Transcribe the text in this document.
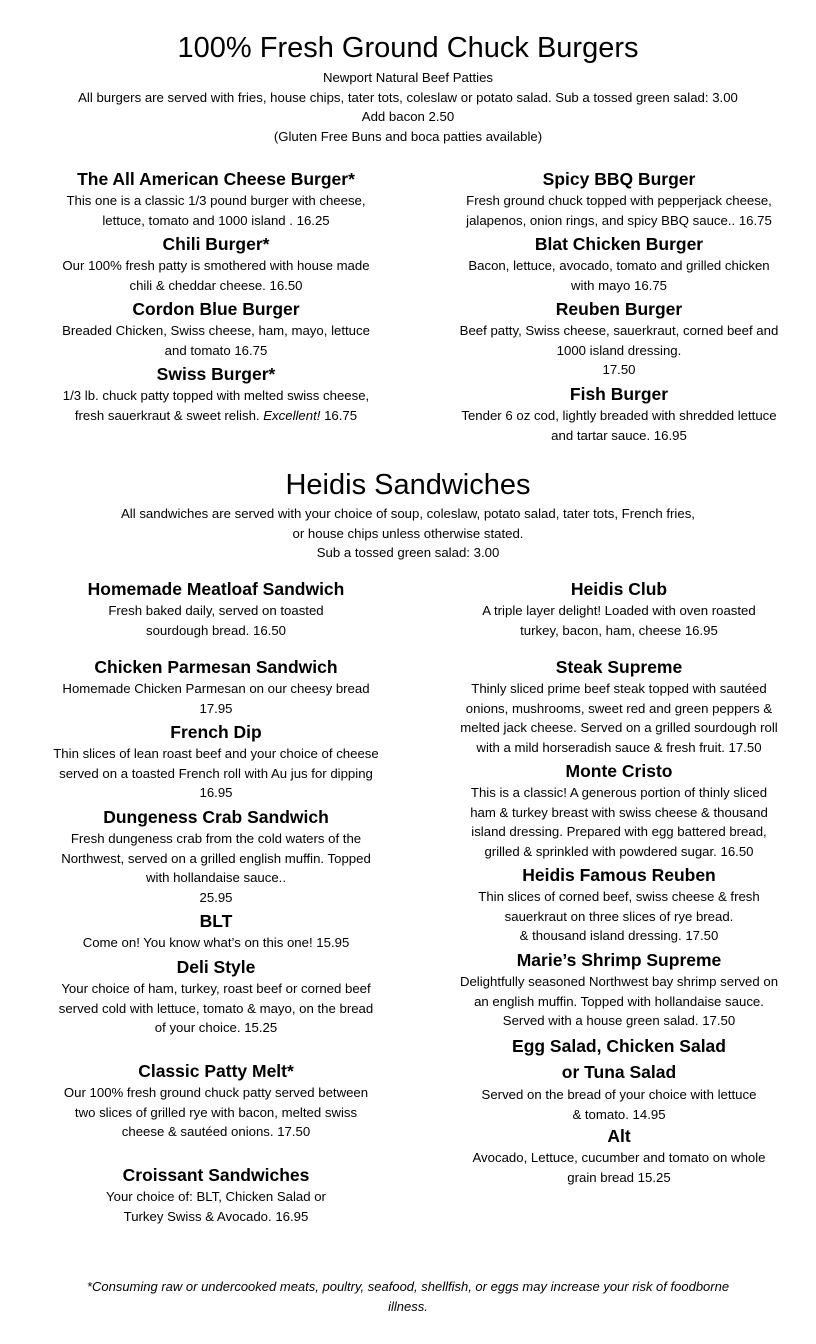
100% Fresh Ground Chuck Burgers
Newport Natural Beef Patties
All burgers are served with fries, house chips, tater tots, coleslaw or potato salad. Sub a tossed green salad: 3.00
Add bacon 2.50
(Gluten Free Buns and boca patties available)
The All American Cheese Burger*
This one is a classic 1/3 pound burger with cheese,
lettuce, tomato and 1000 island . 16.25
Chili Burger*
Our 100% fresh patty is smothered with house made
chili & cheddar cheese. 16.50
Cordon Blue Burger
Breaded Chicken, Swiss cheese, ham, mayo, lettuce
and tomato 16.75
Swiss Burger*
1/3 lb. chuck patty topped with melted swiss cheese,
fresh sauerkraut & sweet relish. Excellent! 16.75
Spicy BBQ Burger
Fresh ground chuck topped with pepperjack cheese,
jalapenos, onion rings, and spicy BBQ sauce.. 16.75
Blat Chicken Burger
Bacon, lettuce, avocado, tomato and grilled chicken
with mayo 16.75
Reuben Burger
Beef patty, Swiss cheese, sauerkraut, corned beef and
1000 island dressing.
17.50
Fish Burger
Tender 6 oz cod, lightly breaded with shredded lettuce
and tartar sauce. 16.95
Heidis Sandwiches
All sandwiches are served with your choice of soup, coleslaw, potato salad, tater tots, French fries,
or house chips unless otherwise stated.
Sub a tossed green salad: 3.00
Homemade Meatloaf Sandwich
Fresh baked daily, served on toasted
sourdough bread. 16.50
Chicken Parmesan Sandwich
Homemade Chicken Parmesan on our cheesy bread
17.95
French Dip
Thin slices of lean roast beef and your choice of cheese
served on a toasted French roll with Au jus for dipping
16.95
Dungeness Crab Sandwich
Fresh dungeness crab from the cold waters of the
Northwest, served on a grilled english muffin. Topped
with hollandaise sauce..
25.95
BLT
Come on! You know what’s on this one! 15.95
Deli Style
Your choice of ham, turkey, roast beef or corned beef
served cold with lettuce, tomato & mayo, on the bread
of your choice. 15.25
Classic Patty Melt*
Our 100% fresh ground chuck patty served between
two slices of grilled rye with bacon, melted swiss
cheese & sautéed onions. 17.50
Croissant Sandwiches
Your choice of: BLT, Chicken Salad or
Turkey Swiss & Avocado. 16.95
Heidis Club
A triple layer delight! Loaded with oven roasted
turkey, bacon, ham, cheese 16.95
Steak Supreme
Thinly sliced prime beef steak topped with sautéed
onions, mushrooms, sweet red and green peppers &
melted jack cheese. Served on a grilled sourdough roll
with a mild horseradish sauce & fresh fruit. 17.50
Monte Cristo
This is a classic! A generous portion of thinly sliced
ham & turkey breast with swiss cheese & thousand
island dressing. Prepared with egg battered bread,
grilled & sprinkled with powdered sugar. 16.50
Heidis Famous Reuben
Thin slices of corned beef, swiss cheese & fresh
sauerkraut on three slices of rye bread.
& thousand island dressing. 17.50
Marie’s Shrimp Supreme
Delightfully seasoned Northwest bay shrimp served on
an english muffin. Topped with hollandaise sauce.
Served with a house green salad. 17.50
Egg Salad, Chicken Salad
or Tuna Salad
Served on the bread of your choice with lettuce
& tomato. 14.95
Alt
Avocado, Lettuce, cucumber and tomato on whole
grain bread 15.25
*Consuming raw or undercooked meats, poultry, seafood, shellfish, or eggs may increase your risk of foodborne
illness.
